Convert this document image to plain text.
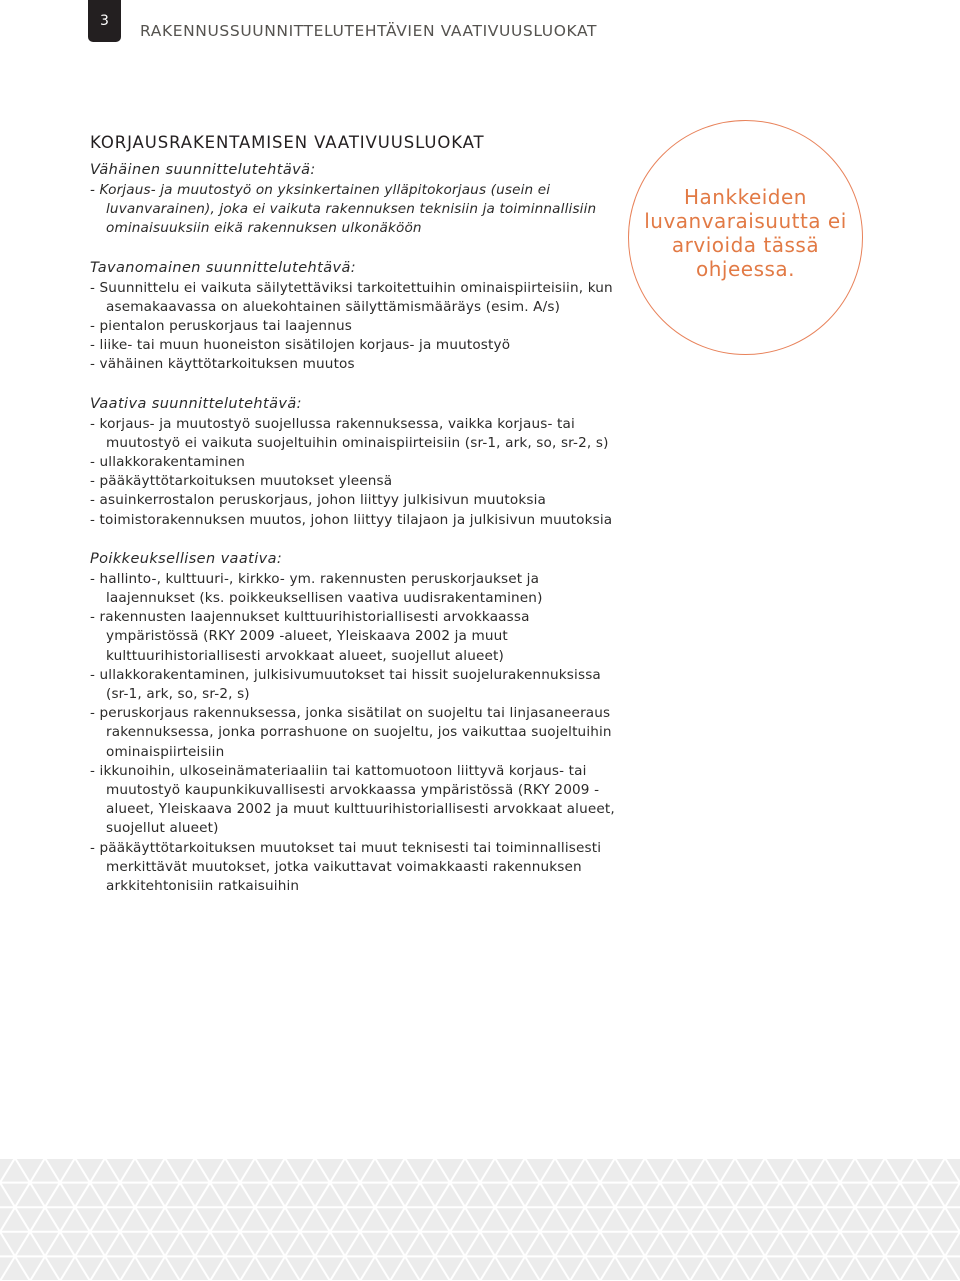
3
RAKENNUSSUUNNITTELUTEHTÄVIEN VAATIVUUSLUOKAT
KORJAUSRAKENTAMISEN VAATIVUUSLUOKAT
Vähäinen suunnittelutehtävä:
- Korjaus- ja muutostyö on yksinkertainen ylläpitokorjaus (usein ei luvanvarainen), joka ei vaikuta rakennuksen teknisiin ja toiminnallisiin ominaisuuksiin eikä rakennuksen ulkonäköön
Tavanomainen suunnittelutehtävä:
- Suunnittelu ei vaikuta säilytettäviksi tarkoitettuihin ominaispiirteisiin, kun asemakaavassa on aluekohtainen säilyttämismääräys (esim. A/s)
- pientalon peruskorjaus tai laajennus
- liike- tai muun huoneiston sisätilojen korjaus- ja muutostyö
- vähäinen käyttötarkoituksen muutos
Vaativa suunnittelutehtävä:
- korjaus- ja muutostyö suojellussa rakennuksessa, vaikka korjaus- tai muutostyö ei vaikuta suojeltuihin ominaispiirteisiin (sr-1, ark, so, sr-2, s)
- ullakkorakentaminen
- pääkäyttötarkoituksen muutokset yleensä
- asuinkerrostalon peruskorjaus, johon liittyy julkisivun muutoksia
- toimistorakennuksen muutos, johon liittyy tilajaon ja julkisivun muutoksia
Poikkeuksellisen vaativa:
- hallinto-, kulttuuri-, kirkko- ym. rakennusten peruskorjaukset ja laajennukset (ks. poikkeuksellisen vaativa uudisrakentaminen)
- rakennusten laajennukset kulttuurihistoriallisesti arvokkaassa ympäristössä (RKY 2009 -alueet, Yleiskaava 2002 ja muut kulttuurihistoriallisesti arvokkaat alueet, suojellut alueet)
- ullakkorakentaminen, julkisivumuutokset tai hissit suojelurakennuksissa (sr-1, ark, so, sr-2, s)
- peruskorjaus rakennuksessa, jonka sisätilat on suojeltu tai linjasaneeraus rakennuksessa, jonka porrashuone on suojeltu, jos vaikuttaa suojeltuihin ominaispiirteisiin
- ikkunoihin, ulkoseinämateriaaliin tai kattomuotoon liittyvä korjaus- tai muutostyö kaupunkikuvallisesti arvokkaassa ympäristössä (RKY 2009 -alueet, Yleiskaava 2002 ja muut kulttuurihistoriallisesti arvokkaat alueet, suojellut alueet)
- pääkäyttötarkoituksen muutokset tai muut teknisesti tai toiminnallisesti merkittävät muutokset, jotka vaikuttavat voimakkaasti rakennuksen arkkitehtonisiin ratkaisuihin
Hankkeiden luvanvaraisuutta ei arvioida tässä ohjeessa.
